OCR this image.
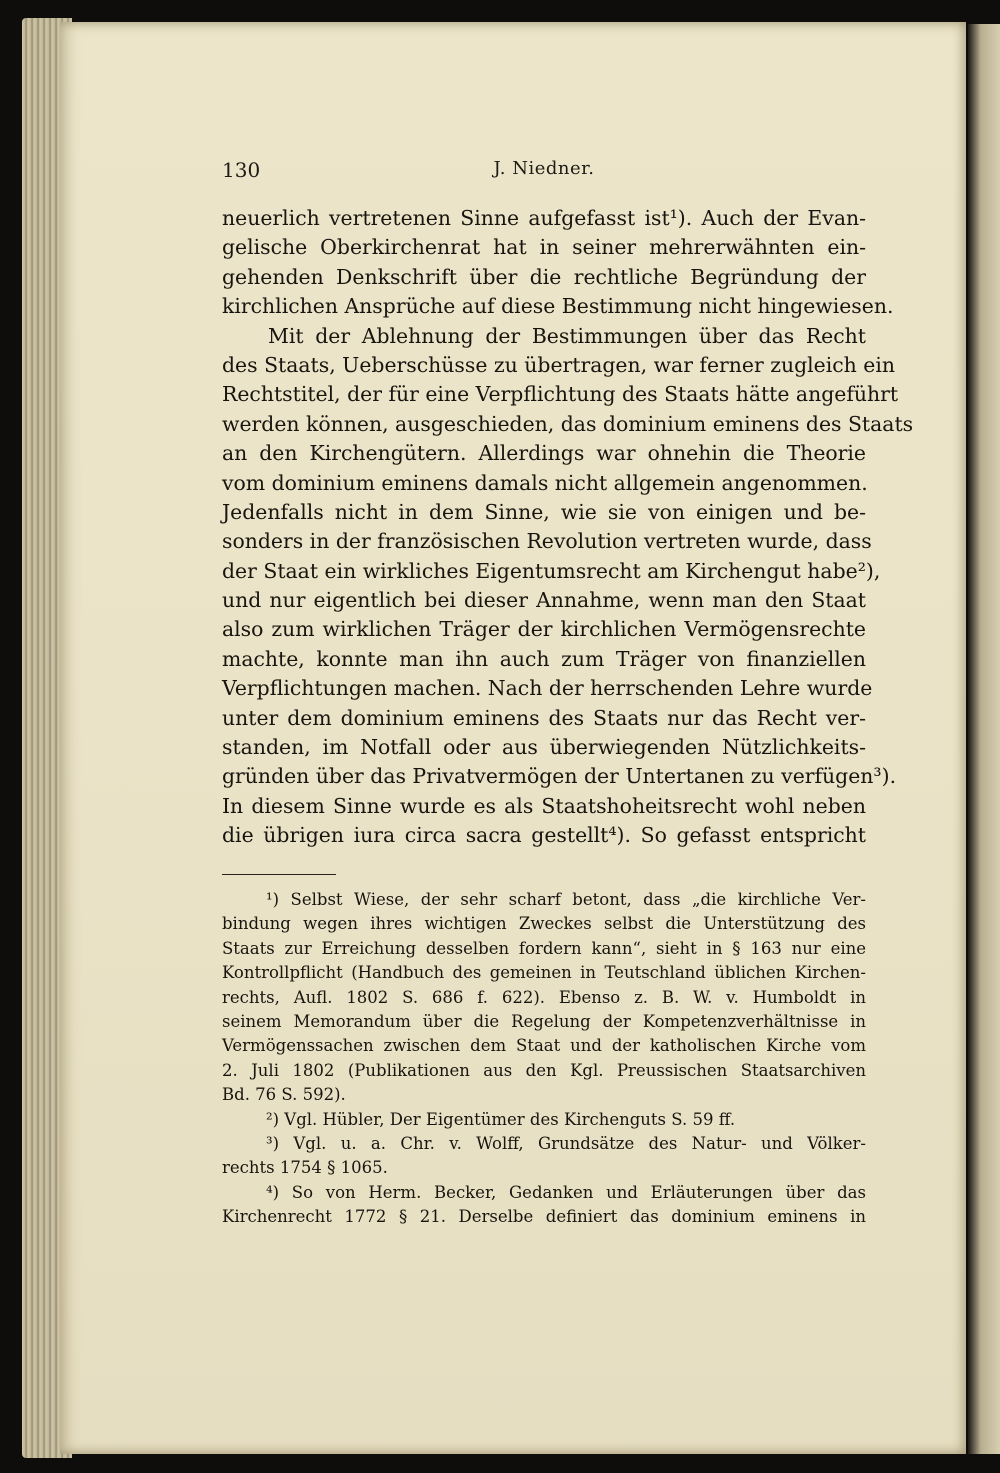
130	J. Niedner.
neuerlich vertretenen Sinne aufgefasst ist¹). Auch der Evan-
gelische Oberkirchenrat hat in seiner mehrerwähnten ein-
gehenden Denkschrift über die rechtliche Begründung der
kirchlichen Ansprüche auf diese Bestimmung nicht hingewiesen.
Mit der Ablehnung der Bestimmungen über das Recht
des Staats, Ueberschüsse zu übertragen, war ferner zugleich ein
Rechtstitel, der für eine Verpflichtung des Staats hätte angeführt
werden können, ausgeschieden, das dominium eminens des Staats
an den Kirchengütern. Allerdings war ohnehin die Theorie
vom dominium eminens damals nicht allgemein angenommen.
Jedenfalls nicht in dem Sinne, wie sie von einigen und be-
sonders in der französischen Revolution vertreten wurde, dass
der Staat ein wirkliches Eigentumsrecht am Kirchengut habe²),
und nur eigentlich bei dieser Annahme, wenn man den Staat
also zum wirklichen Träger der kirchlichen Vermögensrechte
machte, konnte man ihn auch zum Träger von finanziellen
Verpflichtungen machen. Nach der herrschenden Lehre wurde
unter dem dominium eminens des Staats nur das Recht ver-
standen, im Notfall oder aus überwiegenden Nützlichkeits-
gründen über das Privatvermögen der Untertanen zu verfügen³).
In diesem Sinne wurde es als Staatshoheitsrecht wohl neben
die übrigen iura circa sacra gestellt⁴). So gefasst entspricht
¹) Selbst Wiese, der sehr scharf betont, dass „die kirchliche Ver-
bindung wegen ihres wichtigen Zweckes selbst die Unterstützung des
Staats zur Erreichung desselben fordern kann“, sieht in § 163 nur eine
Kontrollpflicht (Handbuch des gemeinen in Teutschland üblichen Kirchen-
rechts, Aufl. 1802 S. 686 f. 622). Ebenso z. B. W. v. Humboldt in
seinem Memorandum über die Regelung der Kompetenzverhältnisse in
Vermögenssachen zwischen dem Staat und der katholischen Kirche vom
2. Juli 1802 (Publikationen aus den Kgl. Preussischen Staatsarchiven
Bd. 76 S. 592).
²) Vgl. Hübler, Der Eigentümer des Kirchenguts S. 59 ff.
³) Vgl. u. a. Chr. v. Wolff, Grundsätze des Natur- und Völker-
rechts 1754 § 1065.
⁴) So von Herm. Becker, Gedanken und Erläuterungen über das
Kirchenrecht 1772 § 21. Derselbe definiert das dominium eminens in
